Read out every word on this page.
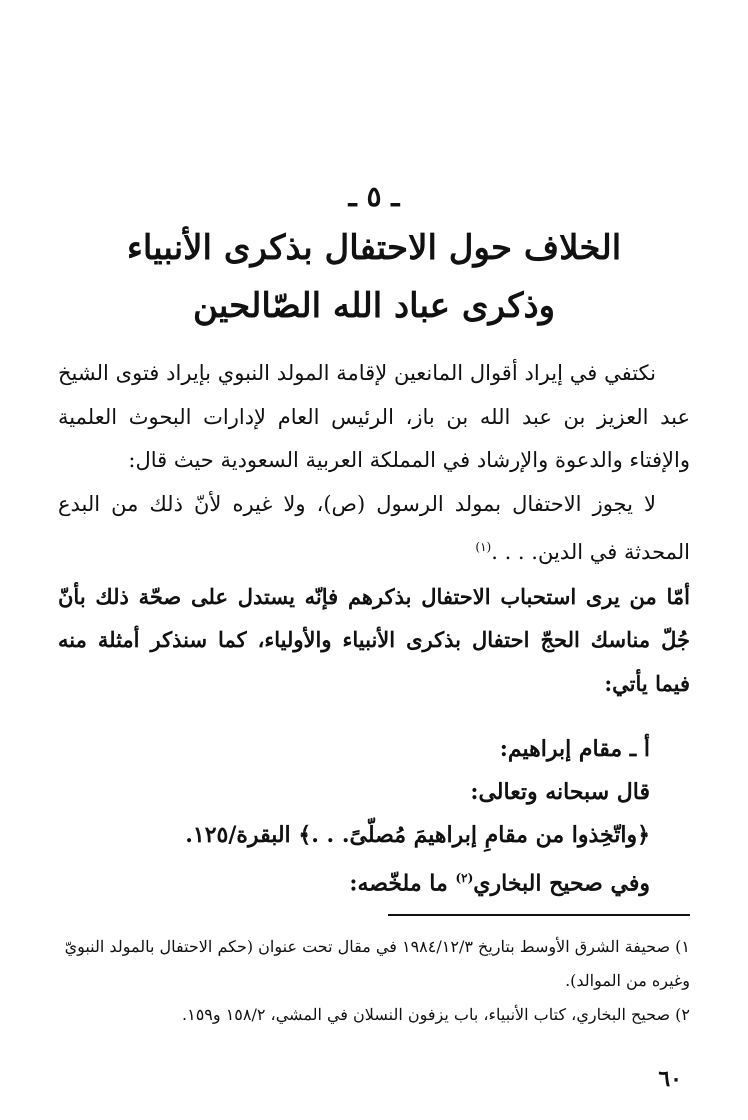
ـ ٥ ـ
الخلاف حول الاحتفال بذكرى الأنبياء
وذكرى عباد الله الصّالحين

نكتفي في إيراد أقوال المانعين لإقامة المولد النبوي بإيراد فتوى الشيخ عبد العزيز بن عبد الله بن باز، الرئيس العام لإدارات البحوث العلمية والإفتاء والدعوة والإرشاد في المملكة العربية السعودية حيث قال:

لا يجوز الاحتفال بمولد الرسول (ص)، ولا غيره لأنّ ذلك من البدع المحدثة في الدين. . . .$^{(١)}$

أمّا من يرى استحباب الاحتفال بذكرهم فإنّه يستدل على صحّة ذلك بأنّ جُلّ مناسك الحجّ احتفال بذكرى الأنبياء والأولياء، كما سنذكر أمثلة منه فيما يأتي:

أ ـ مقام إبراهيم:

قال سبحانه وتعالى:

﴿واتّخِذوا من مقامِ إبراهيمَ مُصلّىً. . .﴾ البقرة/١٢٥.

وفي صحيح البخاري$^{(٢)}$ ما ملخّصه:

١) صحيفة الشرق الأوسط بتاريخ ١٩٨٤/١٢/٣ في مقال تحت عنوان (حكم الاحتفال بالمولد النبويّ وغيره من الموالد).

٢) صحيح البخاري، كتاب الأنبياء، باب يزفون النسلان في المشي، ١٥٨/٢ و١٥٩.

٦٠
